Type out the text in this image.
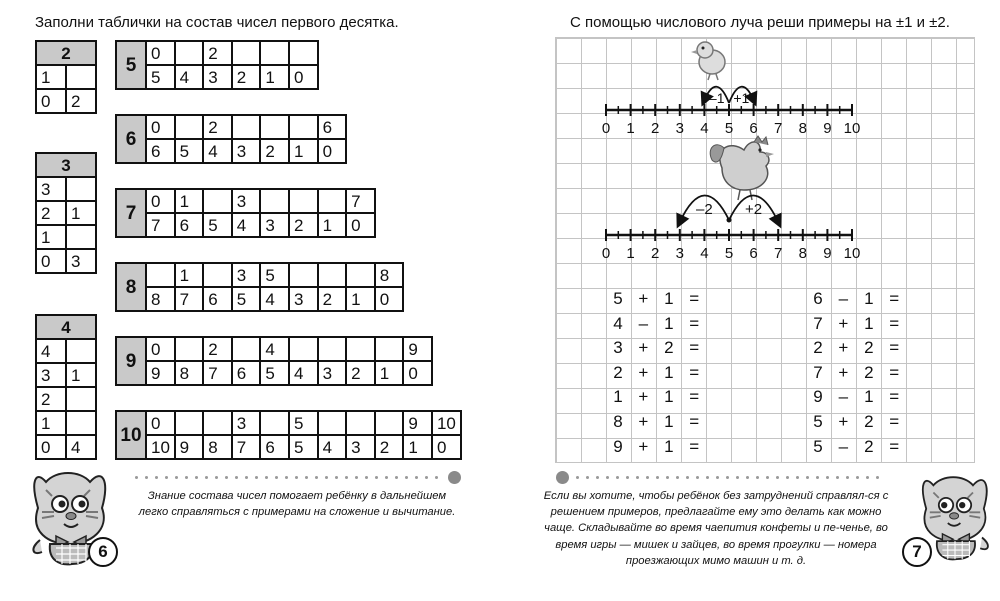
Заполни таблички на состав чисел первого десятка.
2	
1	
0	2
3	
3	
2	1
1	
0	3
4	
4	
3	1
2	
1	
0	4
5	0		2			
	5	4	3	2	1	0
6	0		2				6
	6	5	4	3	2	1	0
7	0	1		3				7
	7	6	5	4	3	2	1	0
8		1		3	5				8
	8	7	6	5	4	3	2	1	0
9	0		2		4					9
	9	8	7	6	5	4	3	2	1	0
10	0			3		5				9	10
	10	9	8	7	6	5	4	3	2	1	0
6
Знание состава чисел помогает ребёнку в дальнейшем легко справляться с примерами на сложение и вычитание.
С помощью числового луча реши примеры на ±1 и ±2.
0 1 2 3 4 5 6 7 8 9 10
0 1 2 3 4 5 6 7 8 9 10
–1 +1
–2 +2
5 + 1 =
4 – 1 =
3 + 2 =
2 + 1 =
1 + 1 =
8 + 1 =
9 + 1 =
6 – 1 =
7 + 1 =
2 + 2 =
7 + 2 =
9 – 1 =
5 + 2 =
5 – 2 =
Если вы хотите, чтобы ребёнок без затруднений справлял-ся с решением примеров, предлагайте ему это делать как можно чаще. Складывайте во время чаепития конфеты и пе-ченье, во время игры — мишек и зайцев, во время прогулки — номера проезжающих мимо машин и т. д.	7
